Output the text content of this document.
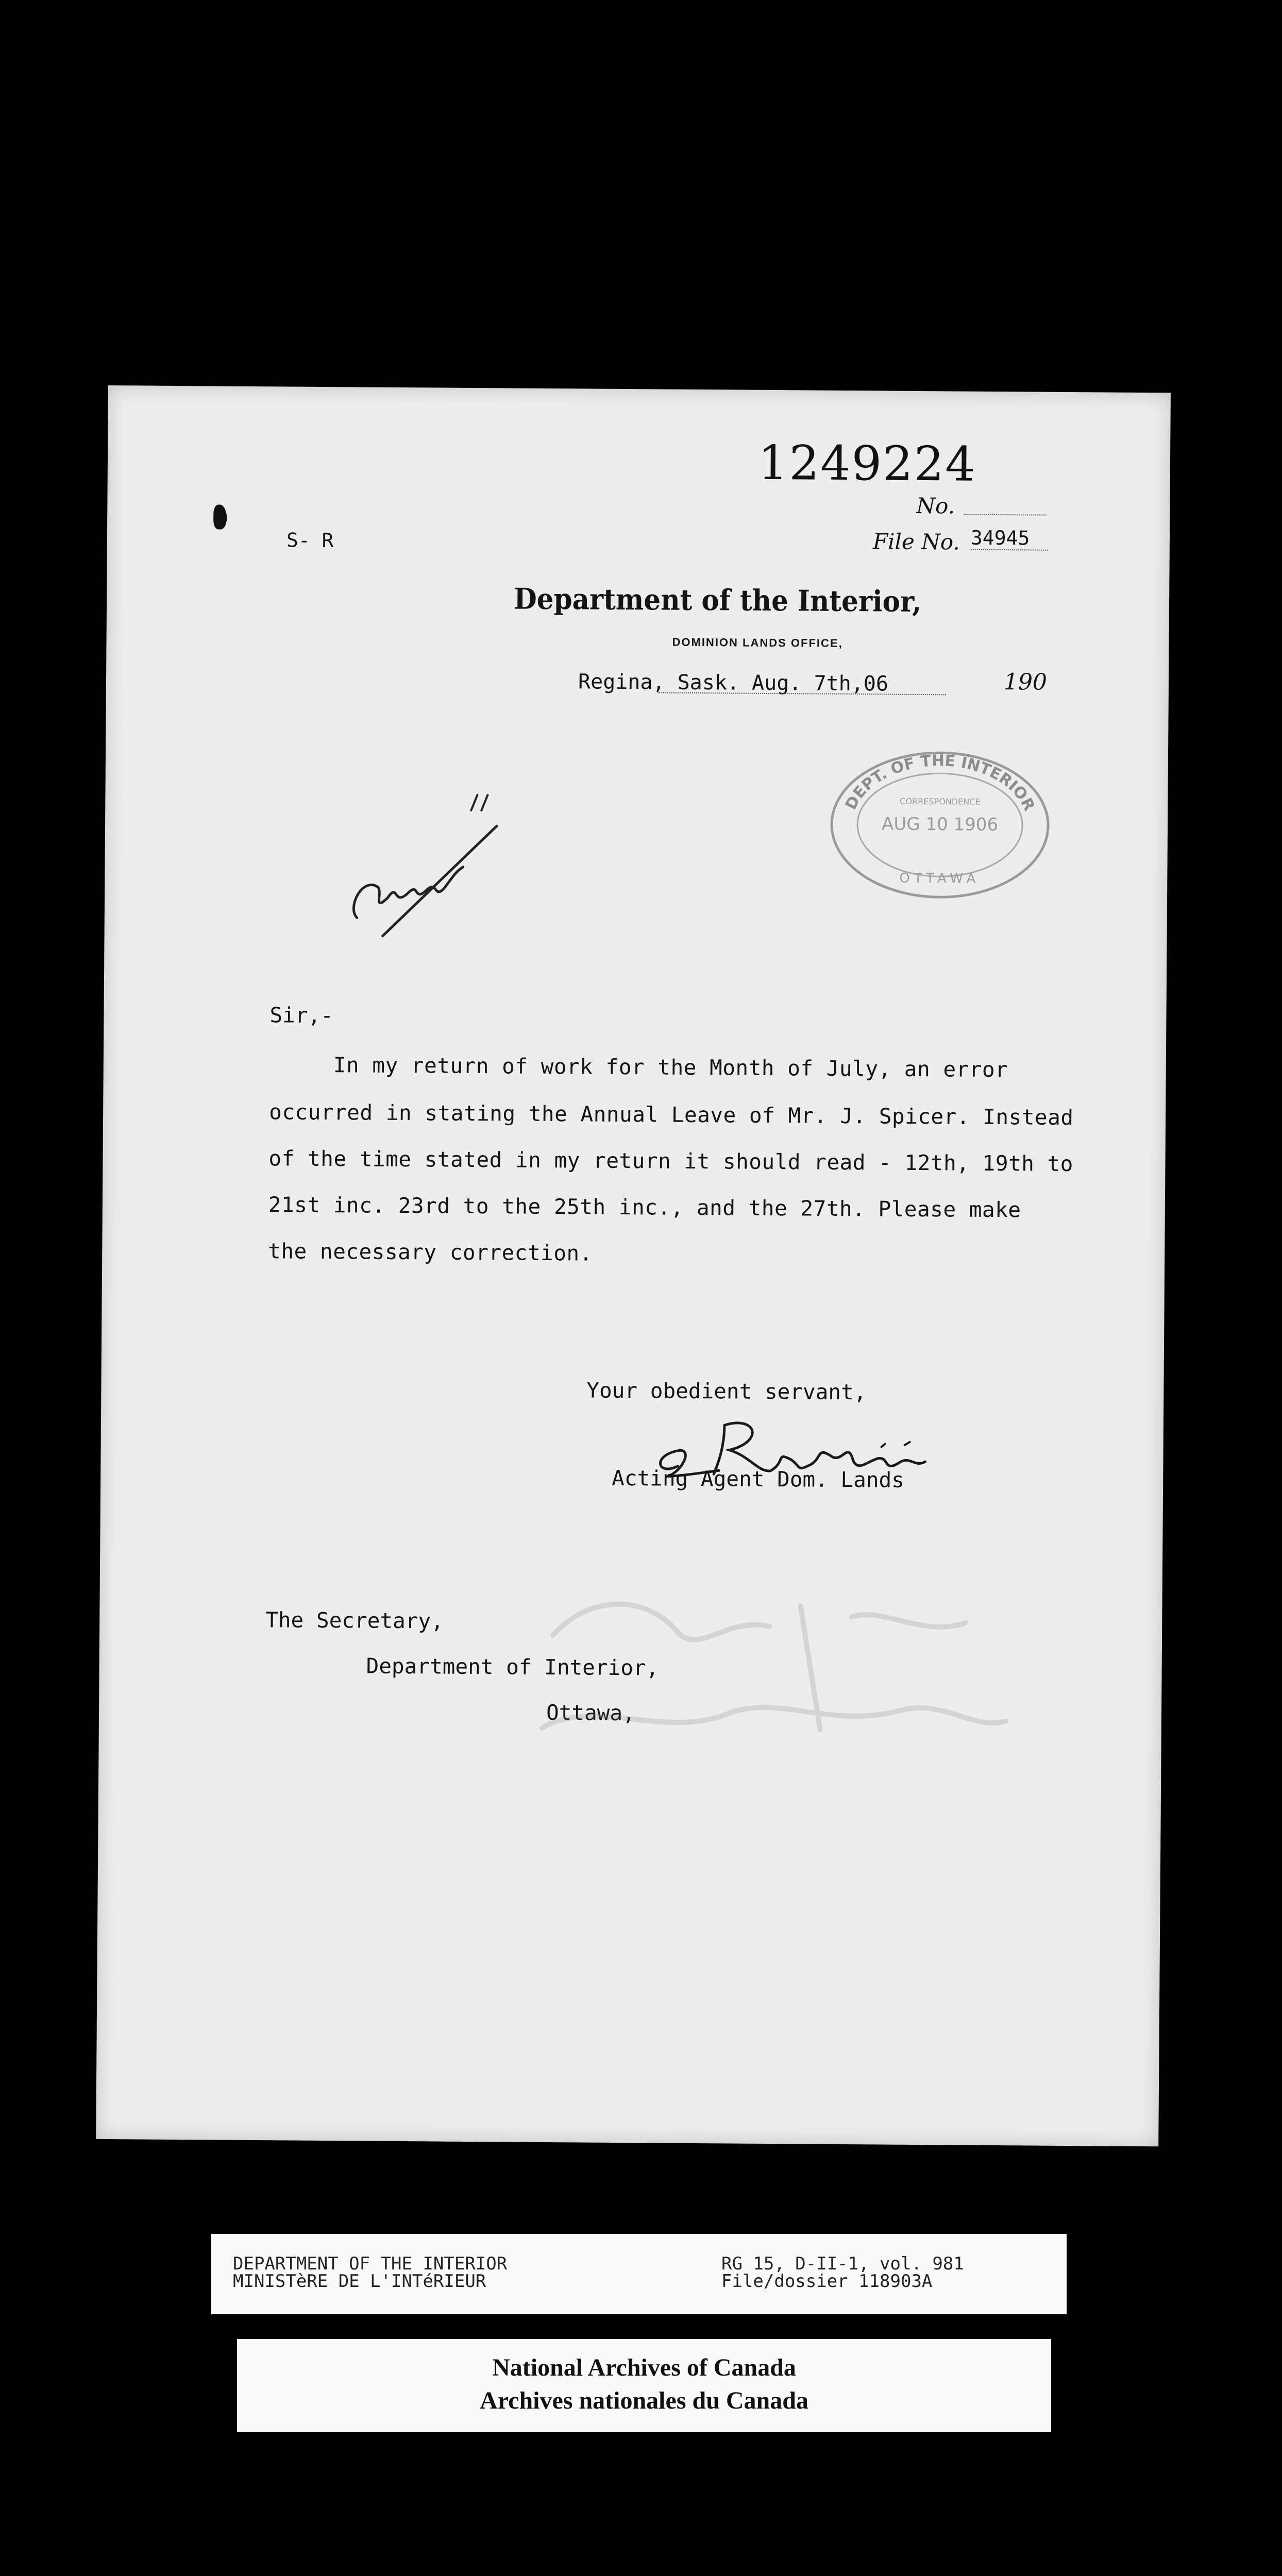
1249224
No.
File No. 34945
S- R
Department of the Interior,
DOMINION LANDS OFFICE,
Regina, Sask. Aug. 7th,06	190
DEPT. OF THE INTERIOR
CORRESPONDENCE
AUG 10 1906
OTTAWA
Sir,-
In my return of work for the Month of July, an error
occurred in stating the Annual Leave of Mr. J. Spicer. Instead
of the time stated in my return it should read - 12th, 19th to
21st inc. 23rd to the 25th inc., and the 27th. Please make
the necessary correction.
Your obedient servant,
Acting Agent Dom. Lands
The Secretary,
Department of Interior,
Ottawa,
DEPARTMENT OF THE INTERIOR
MINISTèRE DE L'INTéRIEUR
RG 15, D-II-1, vol. 981
File/dossier 118903A
National Archives of Canada
Archives nationales du Canada
